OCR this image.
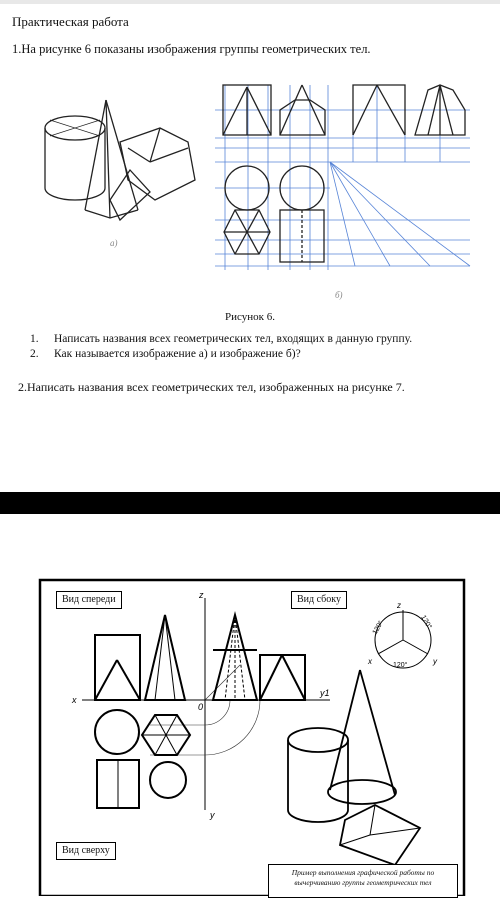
Практическая работа
1.На рисунке 6 показаны изображения группы геометрических тел.
а)
б)
Рисунок 6.
1. Написать названия всех геометрических тел, входящих в данную группу.
2. Как называется изображение а) и изображение б)?
2.Написать названия всех геометрических тел, изображенных на рисунке 7.
z
x
y
y1
0
z
x	y
120°	120°
120°
Вид спереди	Вид сбоку
Вид сверху
Пример выполнения графической работы по
вычерчиванию группы геометрических тел
